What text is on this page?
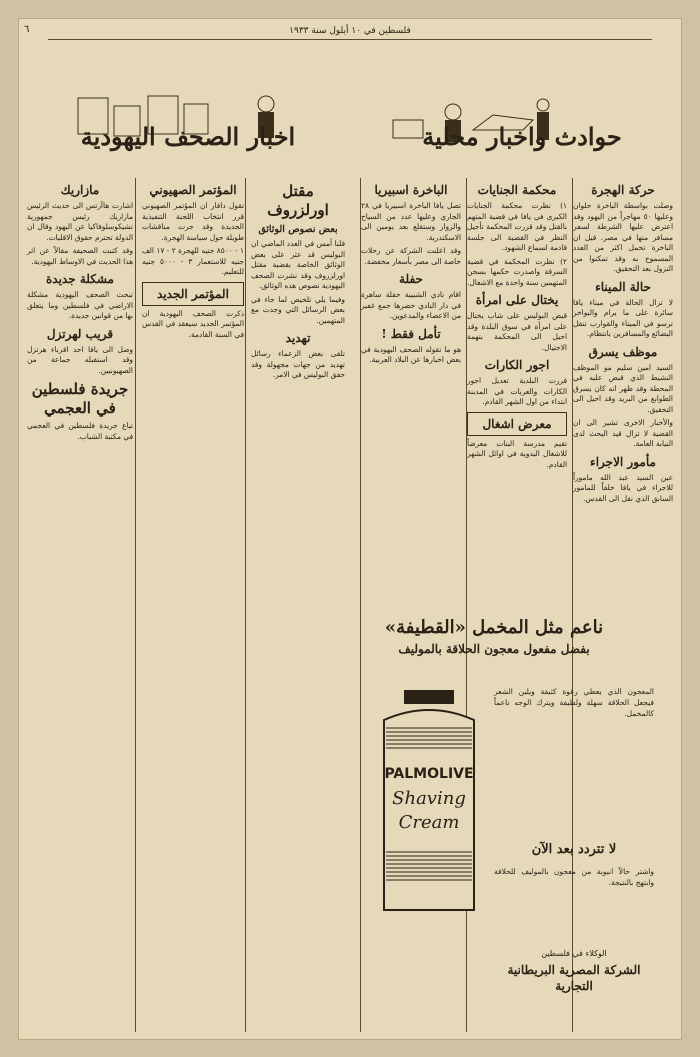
٦	فلسطين في ١٠ أيلول سنة ١٩٣٣
حوادث واخبار محلية
اخبار الصحف اليهودية
حركة الهجرة

وصلت بواسطة الباخرة حلوان وعليها ٥٠ مهاجراً من اليهود وقد اعترض عليها الشرطة لسفر مسافر منها في مصر. قيل ان الباخرة تحمل اكثر من العدد المسموح به وقد تمكنوا من النزول بعد التحقيق.

حالة الميناء

لا تزال الحالة في ميناء يافا سائرة على ما يرام والبواخر ترسو في الميناء والقوارب تنقل البضائع والمسافرين بانتظام.

موظف يسرق

السيد امين سليم مو الموظف النشيط الذي قبض عليه في المحطة وقد ظهر انه كان يسرق الطوابع من البريد وقد احيل الى التحقيق.

والأخبار الاخرى تشير الى ان القضية لا تزال قيد البحث لدى النيابة العامة.

مأمور الاجراء

عين السيد عبد الله ماموراً للاجراء في يافا خلفاً للمامور السابق الذي نقل الى القدس.

محكمة الجنايات

١) نظرت محكمة الجنايات الكبرى في يافا في قضية المتهم بالقتل وقد قررت المحكمة تأجيل النظر في القضية الى جلسة قادمة لسماع الشهود.

٢) نظرت المحكمة في قضية السرقة واصدرت حكمها بسجن المتهمين سنة واحدة مع الاشغال.

يختال على امرأة

قبض البوليس على شاب يختال على امرأة في سوق البلدة وقد احيل الى المحكمة بتهمة الاحتيال.

اجور الكارات

قررت البلدية تعديل اجور الكارات والعربات في المدينة ابتداء من اول الشهر القادم.

معرض اشغال

تقيم مدرسة البنات معرضاً للاشغال اليدوية في اوائل الشهر القادم.

الباخرة اسبيريا

تصل يافا الباخرة اسبيريا في ٢٨ الجاري وعليها عدد من السياح والزوار وستقلع بعد يومين الى الاسكندرية.

وقد اعلنت الشركة عن رحلات خاصة الى مصر بأسعار مخفضة.

حفلة

اقام نادي الشبيبة حفلة ساهرة في دار النادي حضرها جمع غفير من الاعضاء والمدعوين.

تأمل فقط !

هو ما تقوله الصحف اليهودية في بعض اخبارها عن البلاد العربية.

مقتل اورلزروف
بعض نصوص الوثائق

قلنا أمس في العدد الماضي ان البوليس قد عثر على بعض الوثائق الخاصة بقضية مقتل اورلزروف وقد نشرت الصحف اليهودية نصوص هذه الوثائق.

وفيما يلي تلخيص لما جاء في بعض الرسائل التي وجدت مع المتهمين.

تهديد

تلقى بعض الزعماء رسائل تهديد من جهات مجهولة وقد حقق البوليس في الامر.

المؤتمر الصهيوني

تقول دافار ان المؤتمر الصهيوني قرر انتخاب اللجنة التنفيذية الجديدة وقد جرت مناقشات طويلة حول سياسة الهجرة.

١ - ٨٥٠٠ جنيه للهجرة ٢ - ١٧ الف جنيه للاستعمار ٣ - ٥٠٠٠ جنيه للتعليم.

المؤتمر الجديد

ذكرت الصحف اليهودية ان المؤتمر الجديد سيعقد في القدس في السنة القادمة.

مازاريك

اشارت هاآرتس الى حديث الرئيس مازاريك رئيس جمهورية تشيكوسلوفاكيا عن اليهود وقال ان الدولة تحترم حقوق الاقليات.

وقد كتبت الصحيفة مقالاً عن اثر هذا الحديث في الاوساط اليهودية.

مشكلة جديدة

تبحث الصحف اليهودية مشكلة الاراضي في فلسطين وما يتعلق بها من قوانين جديدة.

قريب لهرتزل

وصل الى يافا احد اقرباء هرتزل وقد استقبله جماعة من الصهيونيين.

جريدة فلسطين في العجمي

تباع جريدة فلسطين في العجمي في مكتبة الشباب.

ناعم مثل المخمل «القطيفة»
بفضل مفعول معجون الحلاقة بالموليف
PALMOLIVE
Shaving
Cream
المعجون الذي يعطي رغوة كثيفة ويلين الشعر فيجعل الحلاقة سهلة ولطيفة ويترك الوجه ناعماً كالمخمل.
لا تتردد بعد الآن
واشتر حالاً انبوبة من معجون بالموليف للحلاقة وابتهج بالنتيجة.
الوكلاء في فلسطين
الشركة المصرية البريطانية التجارية
